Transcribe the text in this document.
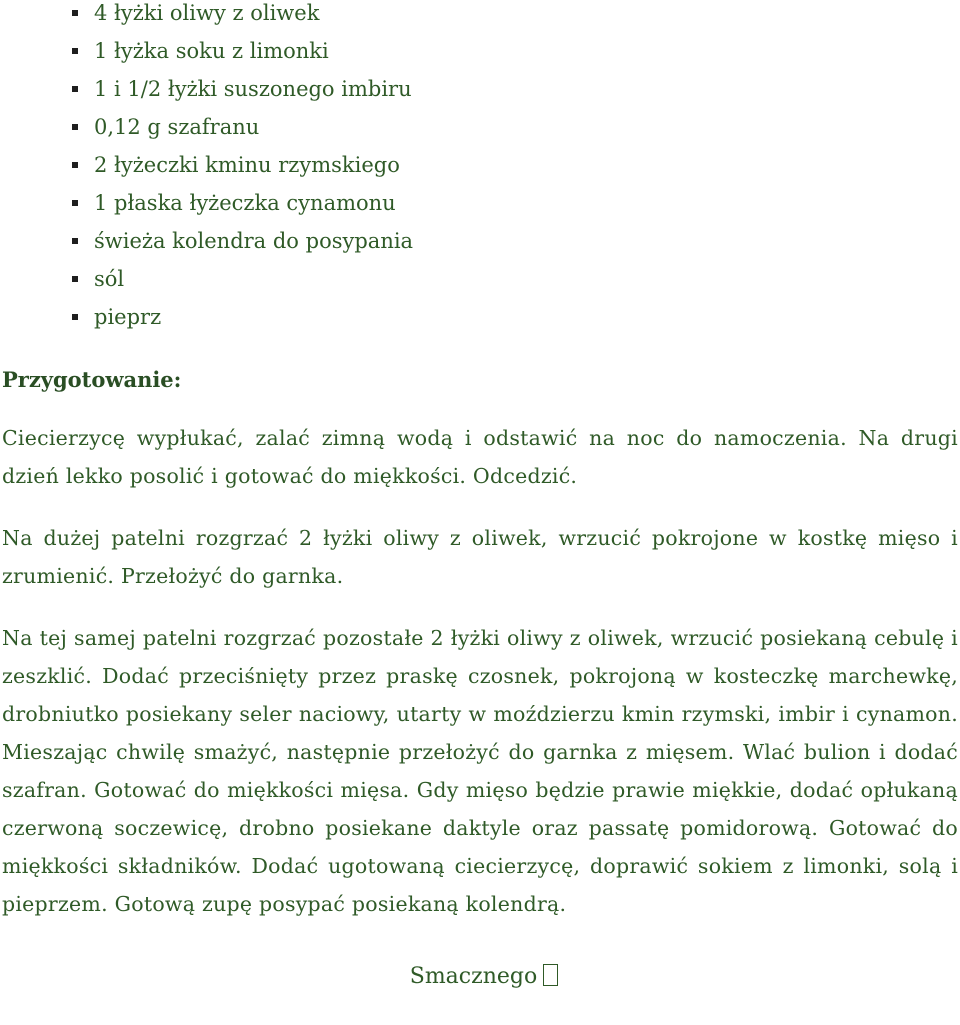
4 łyżki oliwy z oliwek
1 łyżka soku z limonki
1 i 1/2 łyżki suszonego imbiru
0,12 g szafranu
2 łyżeczki kminu rzymskiego
1 płaska łyżeczka cynamonu
świeża kolendra do posypania
sól
pieprz
Przygotowanie:

Ciecierzycę wypłukać, zalać zimną wodą i odstawić na noc do namoczenia. Na drugi dzień lekko posolić i gotować do miękkości. Odcedzić.

Na dużej patelni rozgrzać 2 łyżki oliwy z oliwek, wrzucić pokrojone w kostkę mięso i zrumienić. Przełożyć do garnka.

Na tej samej patelni rozgrzać pozostałe 2 łyżki oliwy z oliwek, wrzucić posiekaną cebulę i zeszklić. Dodać przeciśnięty przez praskę czosnek, pokrojoną w kosteczkę marchewkę, drobniutko posiekany seler naciowy, utarty w moździerzu kmin rzymski, imbir i cynamon. Mieszając chwilę smażyć, następnie przełożyć do garnka z mięsem. Wlać bulion i dodać szafran. Gotować do miękkości mięsa. Gdy mięso będzie prawie miękkie, dodać opłukaną czerwoną soczewicę, drobno posiekane daktyle oraz passatę pomidorową. Gotować do miękkości składników. Dodać ugotowaną ciecierzycę, doprawić sokiem z limonki, solą i pieprzem. Gotową zupę posypać posiekaną kolendrą.

Smacznego
